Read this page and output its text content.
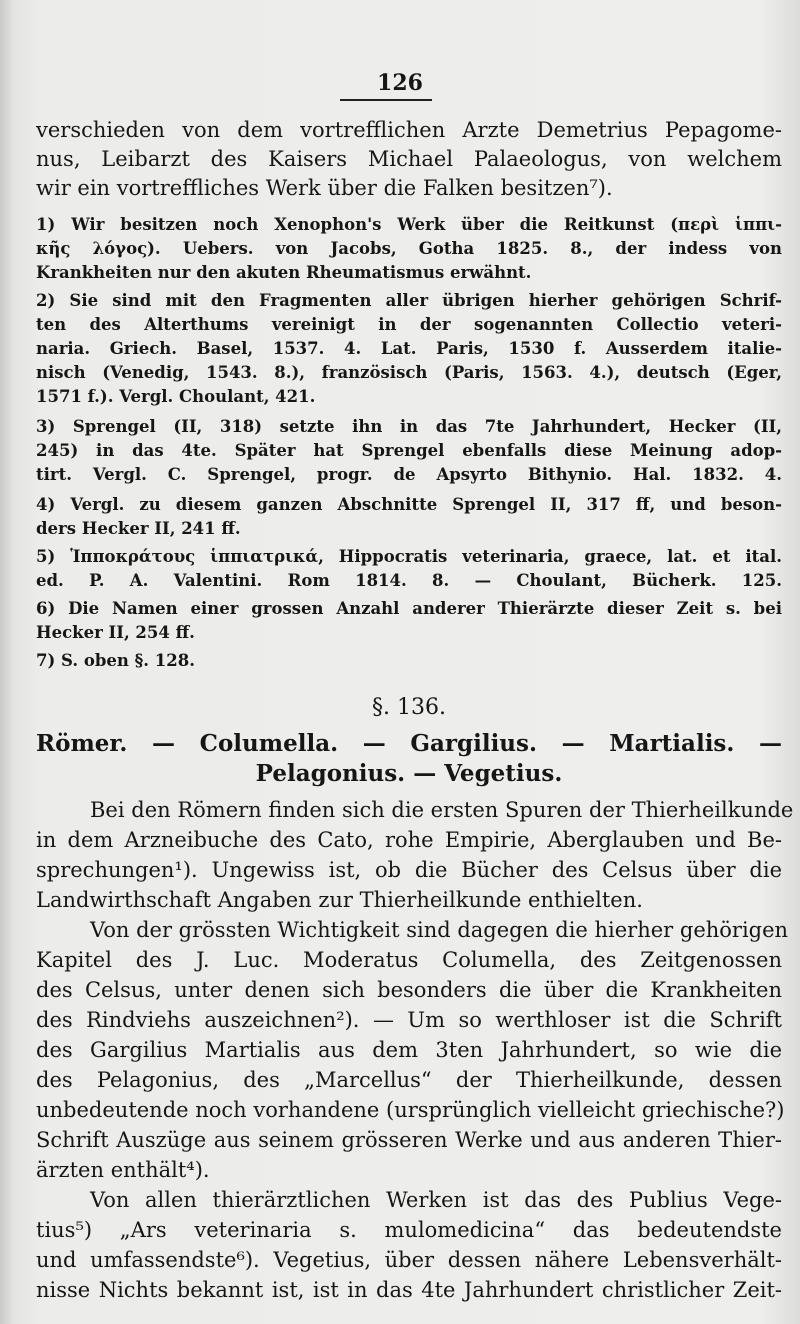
126
verschieden von dem vortrefflichen Arzte Demetrius Pepagome-
nus, Leibarzt des Kaisers Michael Palaeologus, von welchem
wir ein vortreffliches Werk über die Falken besitzen⁷).
1) Wir besitzen noch Xenophon's Werk über die Reitkunst (περὶ ἱππι-
κῆς λόγος). Uebers. von Jacobs, Gotha 1825. 8., der indess von
Krankheiten nur den akuten Rheumatismus erwähnt.
2) Sie sind mit den Fragmenten aller übrigen hierher gehörigen Schrif-
ten des Alterthums vereinigt in der sogenannten Collectio veteri-
naria. Griech. Basel, 1537. 4. Lat. Paris, 1530 f. Ausserdem italie-
nisch (Venedig, 1543. 8.), französisch (Paris, 1563. 4.), deutsch (Eger,
1571 f.). Vergl. Choulant, 421.
3) Sprengel (II, 318) setzte ihn in das 7te Jahrhundert, Hecker (II,
245) in das 4te. Später hat Sprengel ebenfalls diese Meinung adop-
tirt. Vergl. C. Sprengel, progr. de Apsyrto Bithynio. Hal. 1832. 4.
4) Vergl. zu diesem ganzen Abschnitte Sprengel II, 317 ff, und beson-
ders Hecker II, 241 ff.
5) Ἱπποκράτους ἱππιατρικά, Hippocratis veterinaria, graece, lat. et ital.
ed. P. A. Valentini. Rom 1814. 8. — Choulant, Bücherk. 125.
6) Die Namen einer grossen Anzahl anderer Thierärzte dieser Zeit s. bei
Hecker II, 254 ff.
7) S. oben §. 128.
§. 136.
Römer. — Columella. — Gargilius. — Martialis. —
Pelagonius. — Vegetius.
Bei den Römern finden sich die ersten Spuren der Thierheilkunde
in dem Arzneibuche des Cato, rohe Empirie, Aberglauben und Be-
sprechungen¹). Ungewiss ist, ob die Bücher des Celsus über die
Landwirthschaft Angaben zur Thierheilkunde enthielten.
Von der grössten Wichtigkeit sind dagegen die hierher gehörigen
Kapitel des J. Luc. Moderatus Columella, des Zeitgenossen
des Celsus, unter denen sich besonders die über die Krankheiten
des Rindviehs auszeichnen²). — Um so werthloser ist die Schrift
des Gargilius Martialis aus dem 3ten Jahrhundert, so wie die
des Pelagonius, des „Marcellus“ der Thierheilkunde, dessen
unbedeutende noch vorhandene (ursprünglich vielleicht griechische?)
Schrift Auszüge aus seinem grösseren Werke und aus anderen Thier-
ärzten enthält⁴).
Von allen thierärztlichen Werken ist das des Publius Vege-
tius⁵) „Ars veterinaria s. mulomedicina“ das bedeutendste
und umfassendste⁶). Vegetius, über dessen nähere Lebensverhält-
nisse Nichts bekannt ist, ist in das 4te Jahrhundert christlicher Zeit-
